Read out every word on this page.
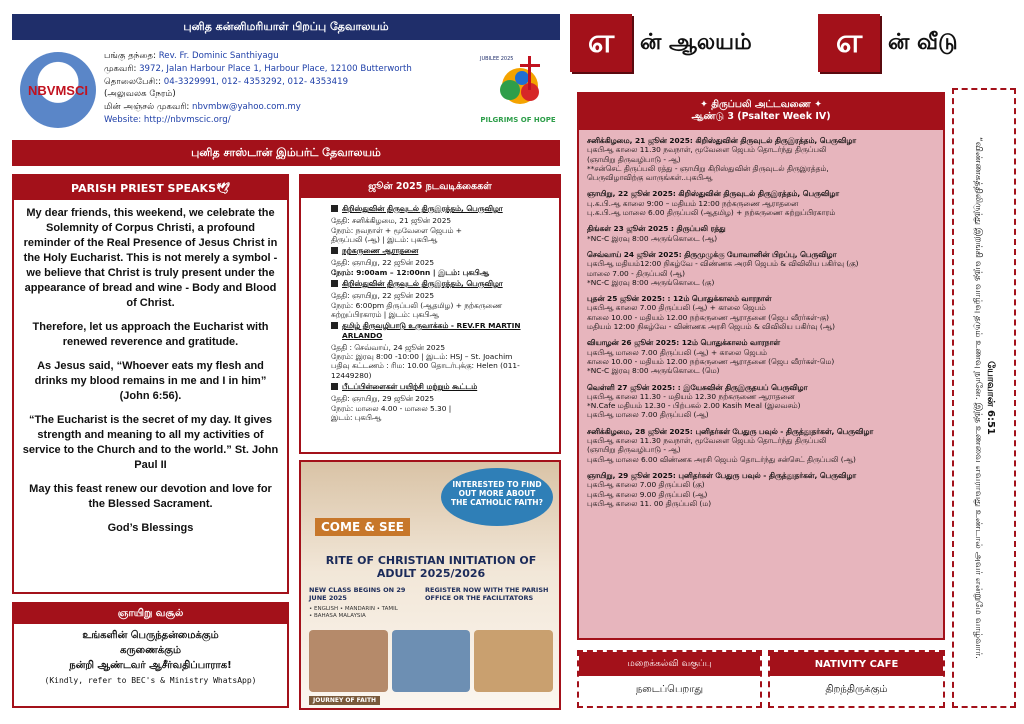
புனித கன்னிமரியாள் பிறப்பு தேவாலயம்
NBVMSCI
பங்கு தந்தை: Rev. Fr. Dominic Santhiyagu
முகவரி: 3972, Jalan Harbour Place 1, Harbour Place, 12100 Butterworth
தொலைபேசி:: 04-3329991, 012- 4353292, 012- 4353419
(அலுவலக நேரம்)
மின் அஞ்சல் முகவரி: nbvmbw@yahoo.com.my
Website: http://nbvmscic.org/
JUBILEE 2025
PILGRIMS OF HOPE
புனித சாஸ்டான் இம்பர்ட் தேவாலயம்
எ	ன் ஆலயம்	எ	ன் வீடு
PARISH PRIEST SPEAKS🕊

My dear friends, this weekend, we celebrate the Solemnity of Corpus Christi, a profound reminder of the Real Presence of Jesus Christ in the Holy Eucharist. This is not merely a symbol - we believe that Christ is truly present under the appearance of bread and wine - Body and Blood of Christ.

Therefore, let us approach the Eucharist with renewed reverence and gratitude.

As Jesus said, “Whoever eats my flesh and drinks my blood remains in me and I in him” (John 6:56).

“The Eucharist is the secret of my day. It gives strength and meaning to all my activities of service to the Church and to the world.” St. John Paul II

May this feast renew our devotion and love for the Blessed Sacrament.

God’s Blessings

ஞாயிறு வசூல்
உங்களின் பெருந்தன்மைக்கும்
கருணைக்கும்
நன்றி ஆண்டவர் ஆசீர்வதிப்பாராக!
(Kindly, refer to BEC's & Ministry WhatsApp)
ஜூன் 2025 நடவடிக்கைகள்
கிறிஸ்துவின் திருவுடல் திருஇரத்தம், பெருவிழா
தேதி: சனிக்கிழமை, 21 ஜூன் 2025
நேரம்: நவநாள் + மூவேளை ஜெபம் +
திருப்பலி (ஆ) | இடம்: புகபிஆ
நற்கருணை ஆராதனை
தேதி: ஞாயிறு, 22 ஜூன் 2025
நேரம்: 9:00am – 12:00nn | இடம்: புகபிஆ
கிறிஸ்துவின் திருவுடல் திருஇரத்தம், பெருவிழா
தேதி: ஞாயிறு, 22 ஜூன் 2025
நேரம்: 6:00pm திருப்பலி (ஆதமிழ) + நற்கருணை
சுற்றுப்பிரகாரம் | இடம்: புகபிஆ
தமிழ் திருவழிபாடு உருவாக்கம் - REV.FR MARTIN ARLANDO
தேதி : செவ்வாய், 24 ஜூன் 2025
நேரம்: இரவு 8:00 -10:00 | இடம்: HSJ – St. Joachim
பதிவு கட்டணம் : ரிம: 10.00 தொடர்புக்கு: Helen (011-12449280)
பீடப்பிள்ளைகள் பயிற்சி மற்றும் கூட்டம்
தேதி: ஞாயிறு, 29 ஜூன் 2025
நேரம்: மாலை 4.00 - மாலை 5.30 |
இடம்: புகபிஆ
INTERESTED TO FIND OUT MORE ABOUT THE CATHOLIC FAITH?
COME & SEE
RITE OF CHRISTIAN INITIATION OF ADULT 2025/2026
NEW CLASS BEGINS ON 29 JUNE 2025
• ENGLISH • MANDARIN • TAMIL • BAHASA MALAYSIA
REGISTER NOW WITH THE PARISH OFFICE OR THE FACILITATORS
JOURNEY OF FAITH
✦ திருப்பலி அட்டவணை ✦
ஆண்டு 3 (Psalter Week IV)

சனிக்கிழமை, 21 ஜூன் 2025: கிறிஸ்துவின் திருவுடல் திருஇரத்தம், பெருவிழா
புகபிஆ காலை 11.30 நவநாள், மூவேளை ஜெபம் தொடர்ந்து திருப்பலி
(ஞாயிறு திருவழிபாடு - ஆ)
**சன்செட் திருப்பலி ரத்து - ஞாயிறு கிறிஸ்துவின் திருவுடல் திருஇரத்தம்,
பெருவிழாவிற்கு வாருங்கள்..புகபிஆ

ஞாயிறு, 22 ஜூன் 2025: கிறிஸ்துவின் திருவுடல் திருஇரத்தம், பெருவிழா
பு.க.பி.ஆ காலை 9:00 – மதியம் 12:00 நற்கருணை ஆராதனை
பு.க.பி.ஆ மாலை 6.00 திருப்பலி (ஆதமிழ) + நற்கருணை சுற்றுப்பிரகாரம்

திங்கள் 23 ஜூன் 2025 : திருப்பலி ரத்து
*NC-C இரவு 8:00 அருங்கொடை (ஆ)

செவ்வாய் 24 ஜூன் 2025: திருமுழுக்கு யோவானின் பிறப்பு, பெருவிழா
புகபிஆ மதியம்12:00 நிகழ்வே - விண்ணக அரசி ஜெபம் & விவிலிய பகிர்வு (கு)
மாலை 7.00 - திருப்பலி (ஆ)
*NC-C இரவு 8:00 அருங்கொடை (கு)

புதன் 25 ஜூன் 2025: : 12ம் பொதுக்காலம் வாரநாள்
புகபிஆ காலை 7.00 திருப்பலி (ஆ) + காலை ஜெபம்
காலை 10.00 - மதியம் 12.00 நற்கருணை ஆராதனை (ஜெப வீரர்கள்-கு)
மதியம் 12:00 நிகழ்வே - விண்ணக அரசி ஜெபம் & விவிலிய பகிர்வு (ஆ)

வியாழன் 26 ஜூன் 2025: 12ம் பொதுக்காலம் வாரநாள்
புகபிஆ மாலை 7.00 திருப்பலி (ஆ) + காலை ஜெபம்
காலை 10.00 - மதியம் 12.00 நற்கருணை ஆராதனை (ஜெப வீரர்கள்-மெ)
*NC-C இரவு 8:00 அருங்கொடை (மெ)

வெள்ளி 27 ஜூன் 2025: : இயேசுவின் திருஇருதயப் பெருவிழா
புகபிஆ காலை 11.30 - மதியம் 12.30 நற்கருணை ஆராதனை
*N.Cafe மதியம் 12.30 - பிற்பகல் 2.00 Kasih Meal (இலவசம்)
புகபிஆ மாலை 7.00 திருப்பலி (ஆ)

சனிக்கிழமை, 28 ஜூன் 2025: புனிதர்கள் பேதுரு பவுல் - திருத்தூதர்கள், பெருவிழா
புகபிஆ காலை 11.30 நவநாள், மூவேளை ஜெபம் தொடர்ந்து திருப்பலி
(ஞாயிறு திருவழிபாடு - ஆ)
புகபிஆ மாலை 6.00 விண்ணக அரசி ஜெபம் தொடர்ந்து சன்செட் திருப்பலி (ஆ)

ஞாயிறு, 29 ஜூன் 2025: புனிதர்கள் பேதுரு பவுல் - திருத்தூதர்கள், பெருவிழா
புகபிஆ காலை 7.00 திருப்பலி (கு)
புகபிஆ காலை 9.00 திருப்பலி (ஆ)
புகபிஆ காலை 11. 00 திருப்பலி (ம)

மறைக்கல்வி வகுப்பு
நடைப்பெறாது
NATIVITY CAFE
திறந்திருக்கும்
யோவான் 6:51
“விண்ணகத்திலிருந்து இறங்கி வந்த வாழ்வு தரும் உணவு நானே. இந்த உணவை எவராவது உண்டால் அவர் என்றுமே வாழ்வார்.
